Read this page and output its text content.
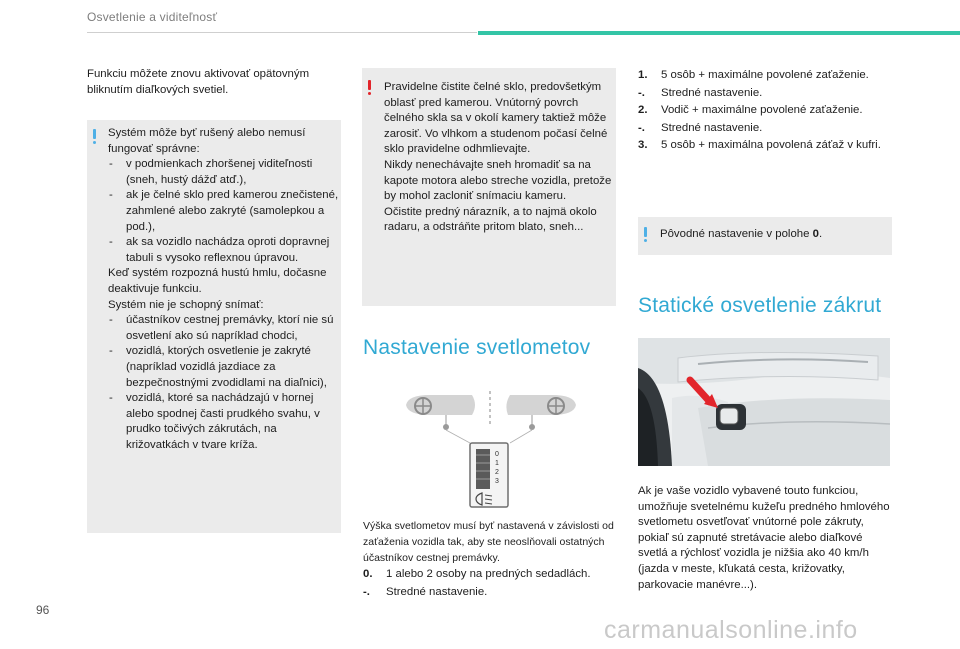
Osvetlenie a viditeľnosť
Funkciu môžete znovu aktivovať opätovným bliknutím diaľkových svetiel.
Systém môže byť rušený alebo nemusí fungovať správne:
- v podmienkach zhoršenej viditeľnosti (sneh, hustý dážď atď.),
- ak je čelné sklo pred kamerou znečistené, zahmlené alebo zakryté (samolepkou a pod.),
- ak sa vozidlo nachádza oproti dopravnej tabuli s vysoko reflexnou úpravou.
Keď systém rozpozná hustú hmlu, dočasne deaktivuje funkciu.
Systém nie je schopný snímať:
- účastníkov cestnej premávky, ktorí nie sú osvetlení ako sú napríklad chodci,
- vozidlá, ktorých osvetlenie je zakryté (napríklad vozidlá jazdiace za bezpečnostnými zvodidlami na diaľnici),
- vozidlá, ktoré sa nachádzajú v hornej alebo spodnej časti prudkého svahu, v prudko točivých zákrutách, na križovatkách v tvare kríža.
Pravidelne čistite čelné sklo, predovšetkým oblasť pred kamerou. Vnútorný povrch čelného skla sa v okolí kamery taktiež môže zarosiť. Vo vlhkom a studenom počasí čelné sklo pravidelne odhmlievajte.
Nikdy nenechávajte sneh hromadiť sa na kapote motora alebo streche vozidla, pretože by mohol zacloniť snímaciu kameru.
Očistite predný nárazník, a to najmä okolo radaru, a odstráňte pritom blato, sneh...
Nastavenie svetlometov
0
1
2
3
Výška svetlometov musí byť nastavená v závislosti od zaťaženia vozidla tak, aby ste neoslňovali ostatných účastníkov cestnej premávky.
0.	1 alebo 2 osoby na predných sedadlách.
-.	Stredné nastavenie.
1.	5 osôb + maximálne povolené zaťaženie.
-.	Stredné nastavenie.
2.	Vodič + maximálne povolené zaťaženie.
-.	Stredné nastavenie.
3.	5 osôb + maximálna povolená záťaž v kufri.
Pôvodné nastavenie v polohe 0.
Statické osvetlenie zákrut
Ak je vaše vozidlo vybavené touto funkciou, umožňuje svetelnému kužeľu predného hmlového svetlometu osvetľovať vnútorné pole zákruty, pokiaľ sú zapnuté stretávacie alebo diaľkové svetlá a rýchlosť vozidla je nižšia ako 40 km/h (jazda v meste, kľukatá cesta, križovatky, parkovacie manévre...).
96
carmanualsonline.info
